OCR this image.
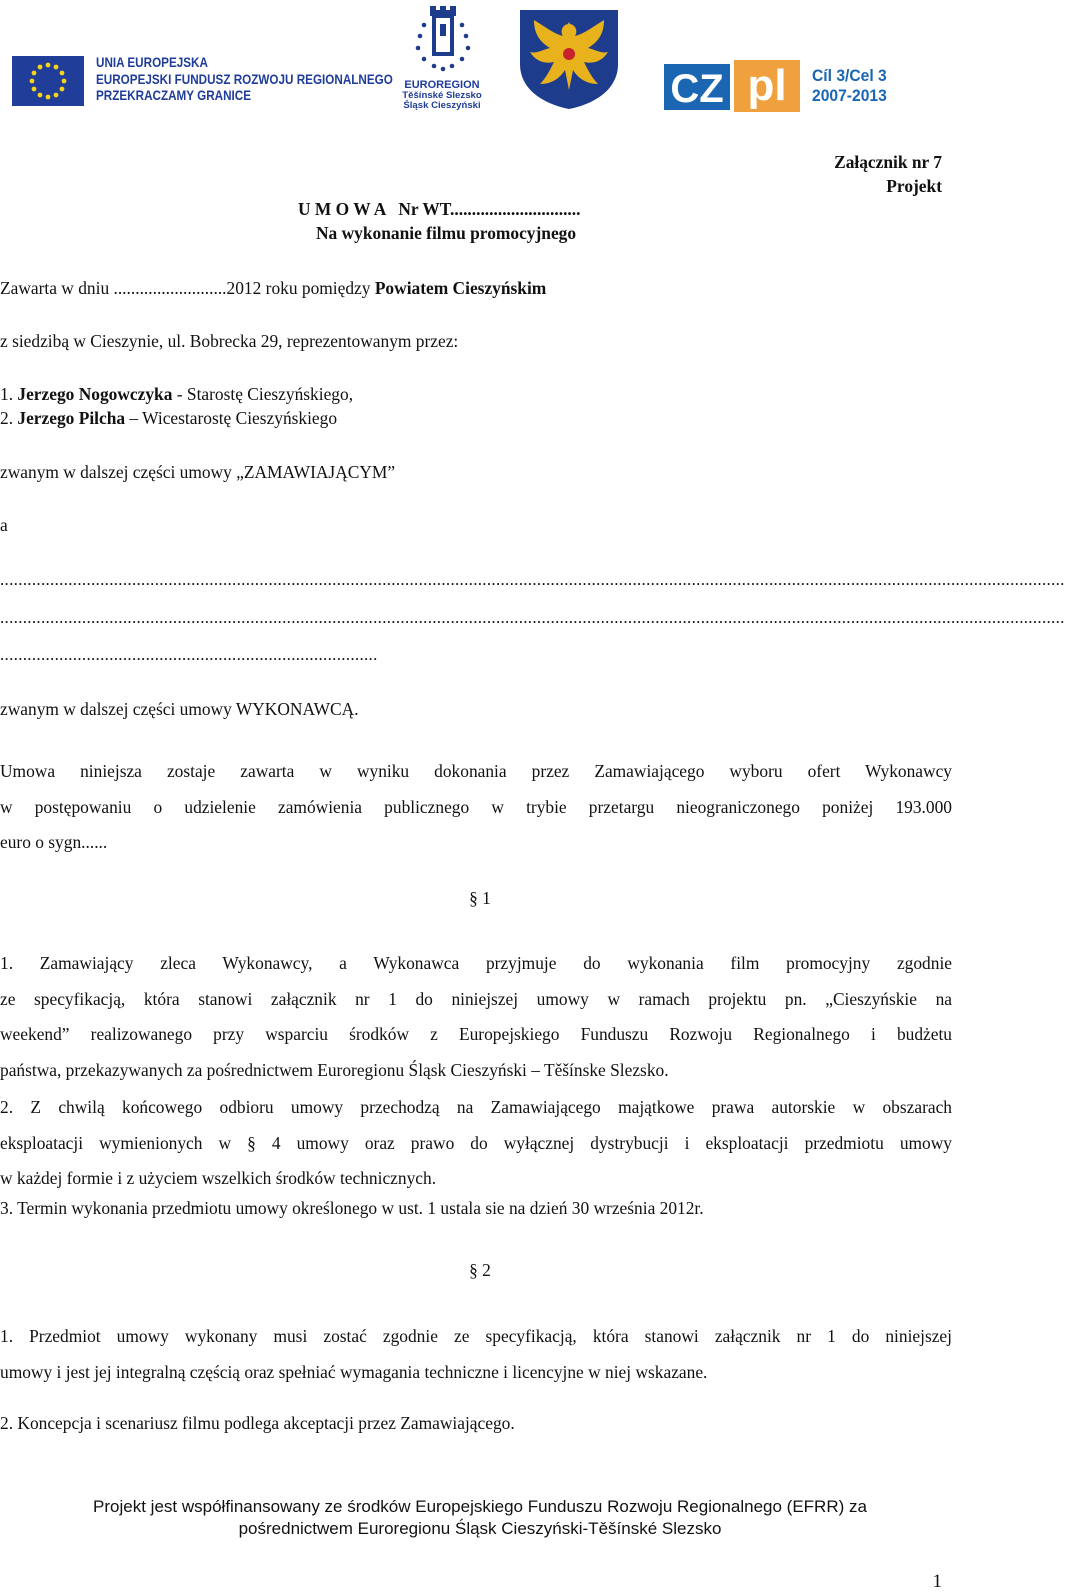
UNIA EUROPEJSKA
EUROPEJSKI FUNDUSZ ROZWOJU REGIONALNEGO
PRZEKRACZAMY GRANICE
EUROREGION
Těšínské Slezsko
Śląsk Cieszyński	CZ pl Cíl 3/Cel 3
2007-2013
Załącznik nr 7
Projekt
U M O W A   Nr WT..............................
Na wykonanie filmu promocyjnego
Zawarta w dniu ..........................2012 roku pomiędzy Powiatem Cieszyńskim
z siedzibą w Cieszynie, ul. Bobrecka 29, reprezentowanym przez:
1. Jerzego Nogowczyka - Starostę Cieszyńskiego,
2. Jerzego Pilcha – Wicestarostę Cieszyńskiego
zwanym w dalszej części umowy „ZAMAWIAJĄCYM”
a
..........................................................................................................................................................................................................................................
..........................................................................................................................................................................................................................................
...................................................................................
zwanym w dalszej części umowy WYKONAWCĄ.
Umowa niniejsza zostaje zawarta w wyniku dokonania przez Zamawiającego wyboru ofert Wykonawcy
w postępowaniu o udzielenie zamówienia publicznego w trybie przetargu nieograniczonego poniżej 193.000
euro o sygn......
§ 1
1. Zamawiający zleca Wykonawcy, a Wykonawca przyjmuje do wykonania film promocyjny zgodnie
ze specyfikacją, która stanowi załącznik nr 1 do niniejszej umowy w ramach projektu pn. „Cieszyńskie na
weekend” realizowanego przy wsparciu środków z Europejskiego Funduszu Rozwoju Regionalnego i budżetu
państwa, przekazywanych za pośrednictwem Euroregionu Śląsk Cieszyński – Těšínske Slezsko.
2. Z chwilą końcowego odbioru umowy przechodzą na Zamawiającego majątkowe prawa autorskie w obszarach
eksploatacji wymienionych w § 4 umowy oraz prawo do wyłącznej dystrybucji i eksploatacji przedmiotu umowy
w każdej formie i z użyciem wszelkich środków technicznych.
3. Termin wykonania przedmiotu umowy określonego w ust. 1 ustala sie na dzień 30 września 2012r.
§ 2
1. Przedmiot umowy wykonany musi zostać zgodnie ze specyfikacją, która stanowi załącznik nr 1 do niniejszej
umowy i jest jej integralną częścią oraz spełniać wymagania techniczne i licencyjne w niej wskazane.
2. Koncepcja i scenariusz filmu podlega akceptacji przez Zamawiającego.
Projekt jest współfinansowany ze środków Europejskiego Funduszu Rozwoju Regionalnego (EFRR) za
pośrednictwem Euroregionu Śląsk Cieszyński-Těšínské Slezsko
1
